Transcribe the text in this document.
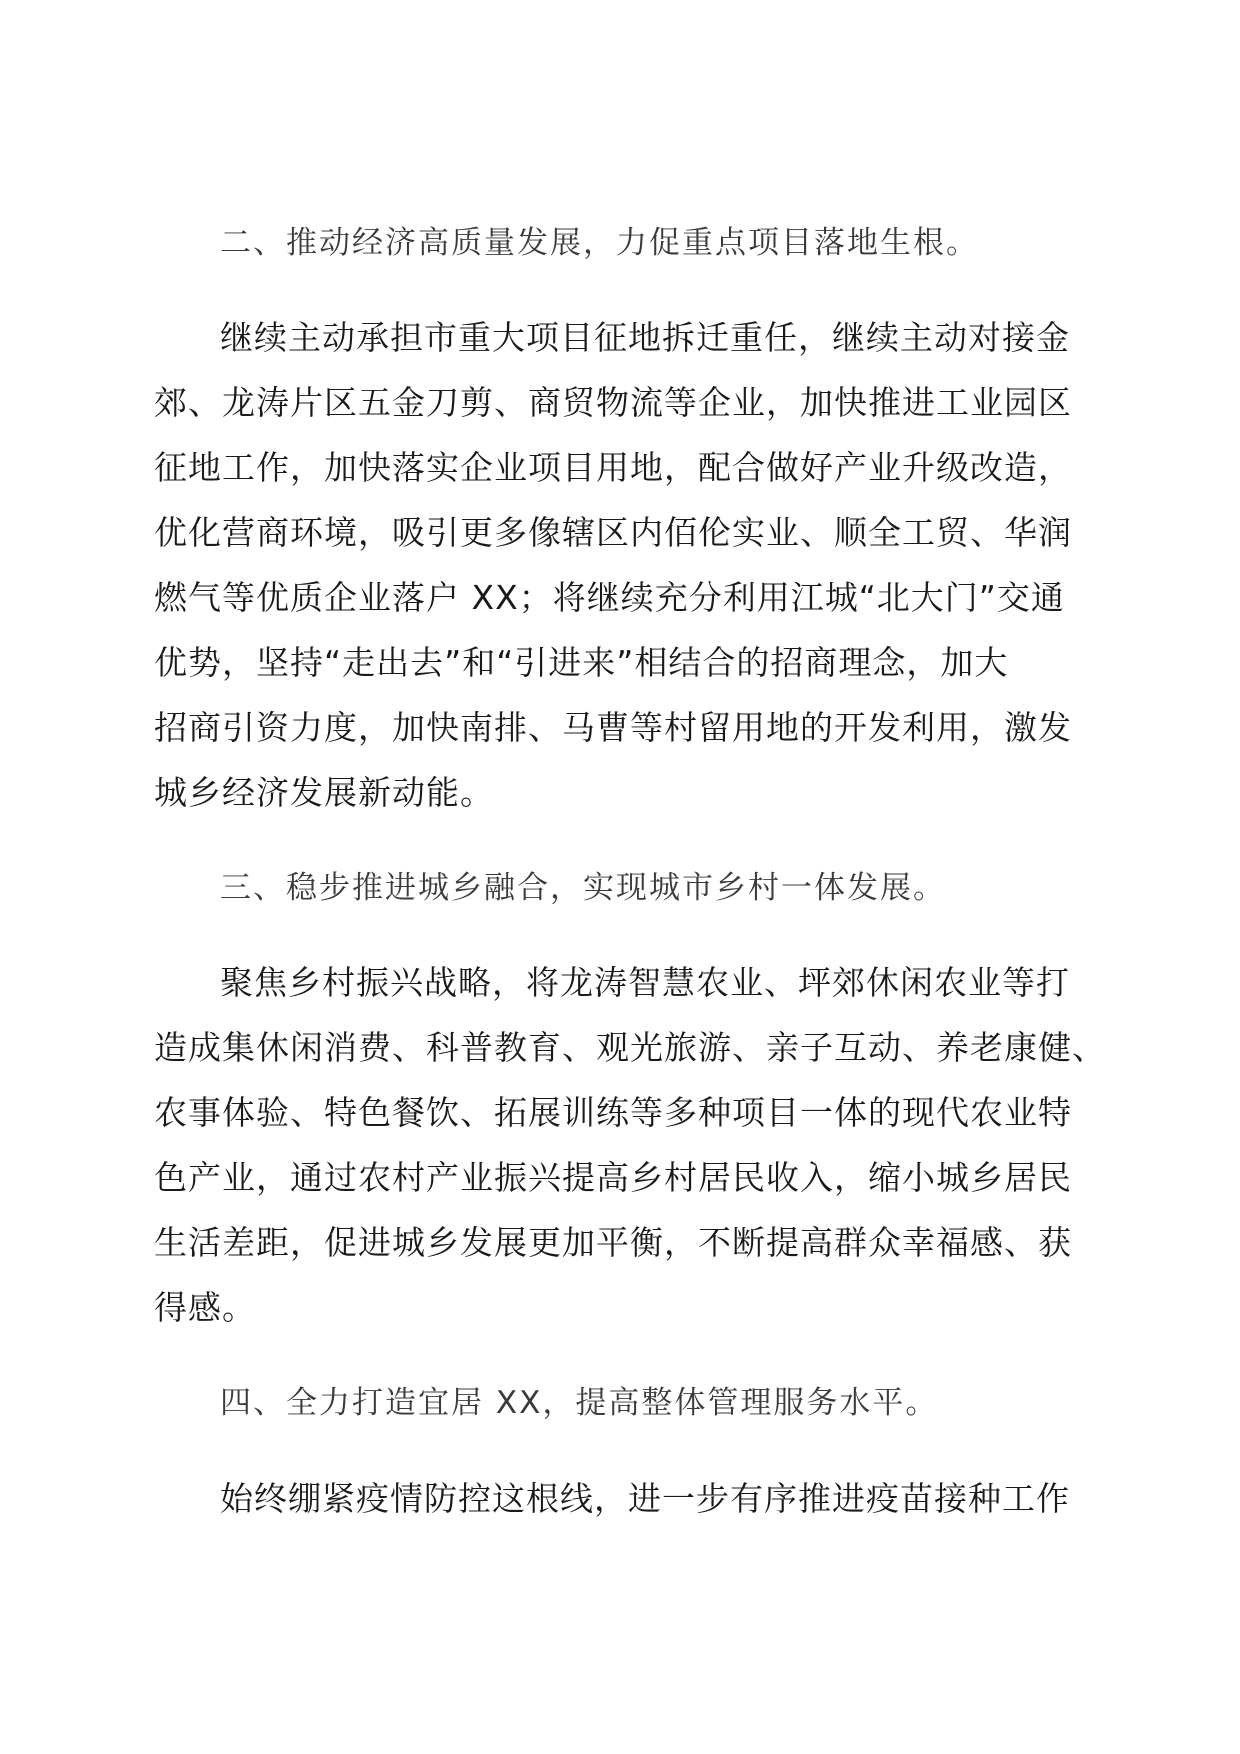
二、推动经济高质量发展，力促重点项目落地生根。
继续主动承担市重大项目征地拆迁重任，继续主动对接金
郊、龙涛片区五金刀剪、商贸物流等企业，加快推进工业园区
征地工作，加快落实企业项目用地，配合做好产业升级改造，
优化营商环境，吸引更多像辖区内佰伦实业、顺全工贸、华润
燃气等优质企业落户 XX；将继续充分利用江城“北大门”交通
优势，坚持“走出去”和“引进来”相结合的招商理念，加大
招商引资力度，加快南排、马曹等村留用地的开发利用，激发
城乡经济发展新动能。
三、稳步推进城乡融合，实现城市乡村一体发展。
聚焦乡村振兴战略，将龙涛智慧农业、坪郊休闲农业等打
造成集休闲消费、科普教育、观光旅游、亲子互动、养老康健、
农事体验、特色餐饮、拓展训练等多种项目一体的现代农业特
色产业，通过农村产业振兴提高乡村居民收入，缩小城乡居民
生活差距，促进城乡发展更加平衡，不断提高群众幸福感、获
得感。
四、全力打造宜居 XX，提高整体管理服务水平。
始终绷紧疫情防控这根线，进一步有序推进疫苗接种工作
